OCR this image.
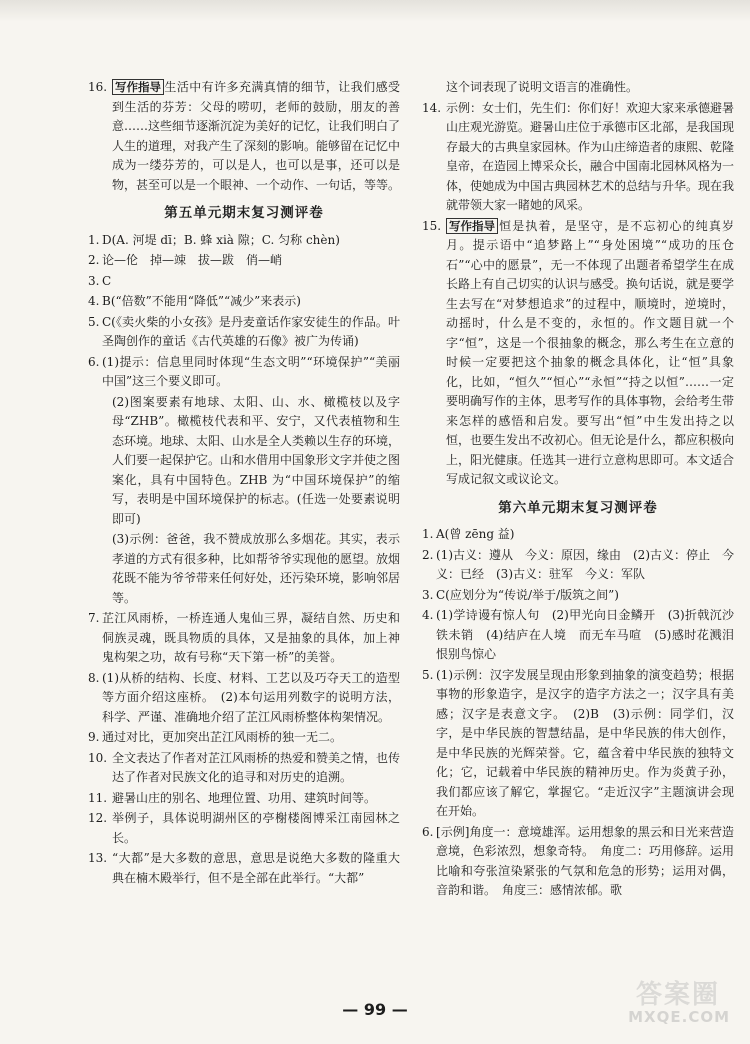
16. 写作指导 生活中有许多充满真情的细节，让我们感受到生活的芬芳：父母的唠叨，老师的鼓励，朋友的善意……这些细节逐渐沉淀为美好的记忆，让我们明白了人生的道理，对我产生了深刻的影响。能够留在记忆中成为一缕芬芳的，可以是人，也可以是事，还可以是物，甚至可以是一个眼神、一个动作、一句话，等等。
第五单元期末复习测评卷
1. D(A. 河堤 dī；B. 蜂 xià 隙；C. 匀称 chèn)
2. 论—伦　掉—竦　拔—跋　俏—峭
3. C
4. B(“倍数”不能用“降低”“减少”来表示)
5. C(《卖火柴的小女孩》是丹麦童话作家安徒生的作品。叶圣陶创作的童话《古代英雄的石像》被广为传诵)
6. (1)提示：信息里同时体现“生态文明”“环境保护”“美丽中国”这三个要义即可。
(2)图案要素有地球、太阳、山、水、橄榄枝以及字母“ZHB”。橄榄枝代表和平、安宁，又代表植物和生态环境。地球、太阳、山水是全人类赖以生存的环境，人们要一起保护它。山和水借用中国象形文字并使之图案化，具有中国特色。ZHB 为“中国环境保护”的缩写，表明是中国环境保护的标志。(任选一处要素说明即可)
(3)示例：爸爸，我不赞成放那么多烟花。其实，表示孝道的方式有很多种，比如帮爷爷实现他的愿望。放烟花既不能为爷爷带来任何好处，还污染环境，影响邻居等。
7. 芷江风雨桥，一桥连通人鬼仙三界，凝结自然、历史和侗族灵魂，既具物质的具体，又是抽象的具体，加上神鬼构架之功，故有号称“天下第一桥”的美誉。
8. (1)从桥的结构、长度、材料、工艺以及巧夺天工的造型等方面介绍这座桥。　(2)本句运用列数字的说明方法，科学、严谨、准确地介绍了芷江风雨桥整体构架情况。
9. 通过对比，更加突出芷江风雨桥的独一无二。
10. 全文表达了作者对芷江风雨桥的热爱和赞美之情，也传达了作者对民族文化的追寻和对历史的追溯。
11. 避暑山庄的别名、地理位置、功用、建筑时间等。
12. 举例子，具体说明湖州区的亭榭楼阁博采江南园林之长。
13. “大都”是大多数的意思，意思是说绝大多数的隆重大典在楠木殿举行，但不是全部在此举行。“大都”
这个词表现了说明文语言的准确性。
14. 示例：女士们，先生们：你们好！欢迎大家来承德避暑山庄观光游览。避暑山庄位于承德市区北部，是我国现存最大的古典皇家园林。作为山庄缔造者的康熙、乾隆皇帝，在造园上博采众长，融合中国南北园林风格为一体，使她成为中国古典园林艺术的总结与升华。现在我就带领大家一睹她的风采。
15. 写作指导 恒是执着，是坚守，是不忘初心的纯真岁月。提示语中“追梦路上”“身处困境”“成功的压仓石”“心中的愿景”，无一不体现了出题者希望学生在成长路上有自己切实的认识与感受。换句话说，就是要学生去写在“对梦想追求”的过程中，顺境时，逆境时，动摇时，什么是不变的，永恒的。作文题目就一个字“恒”，这是一个很抽象的概念，那么考生在立意的时候一定要把这个抽象的概念具体化，让“恒”具象化，比如，“恒久”“恒心”“永恒”“持之以恒”……一定要明确写作的主体，思考写作的具体事物，会给考生带来怎样的感悟和启发。要写出“恒”中生发出持之以恒，也要生发出不改初心。但无论是什么，都应积极向上，阳光健康。任选其一进行立意构思即可。本文适合写成记叙文或议论文。
第六单元期末复习测评卷
1. A(曾 zēng 益)
2. (1)古义：遵从　今义：原因，缘由　(2)古义：停止　今义：已经　(3)古义：驻军　今义：军队
3. C(应划分为“传说/举于/版筑之间”)
4. (1)学诗谩有惊人句　(2)甲光向日金鳞开　(3)折戟沉沙铁未销　(4)结庐在人境　而无车马喧　(5)感时花溅泪　恨别鸟惊心
5. (1)示例：汉字发展呈现由形象到抽象的演变趋势；根据事物的形象造字，是汉字的造字方法之一；汉字具有美感；汉字是表意文字。　(2)B　(3)示例：同学们，汉字，是中华民族的智慧结晶，是中华民族的伟大创作，是中华民族的光辉荣誉。它，蕴含着中华民族的独特文化；它，记载着中华民族的精神历史。作为炎黄子孙，我们都应该了解它，掌握它。“走近汉字”主题演讲会现在开始。
6. [示例]角度一：意境雄浑。运用想象的黑云和日光来营造意境，色彩浓烈，想象奇特。　角度二：巧用修辞。运用比喻和夸张渲染紧张的气氛和危急的形势；运用对偶，音韵和谐。　角度三：感情浓郁。歌
— 99 —	答案圈
MXQE.COM
